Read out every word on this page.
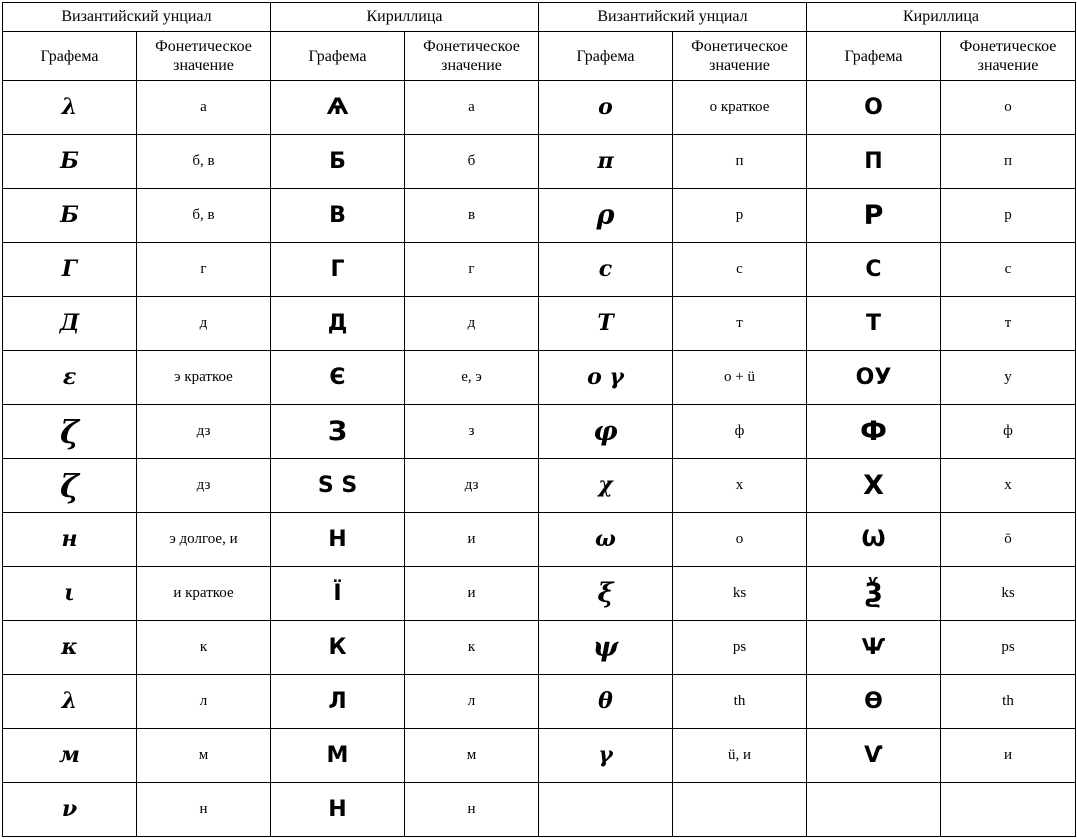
Византийский унциал		Кириллица		Византийский унциал		Кириллица	
Графема	Фонетическое значение	Графема	Фонетическое значение	Графема	Фонетическое значение	Графема	Фонетическое значение
λ	а	Ѧ	а	ο	о краткое	О	о
Б	б, в	Б	б	π	п	П	п
Б	б, в	В	в	ρ	р	Р	р
Г	г	Г	г	ϲ	с	С	с
Д	д	Д	д	Т	т	Т	т
ε	э краткое	Є	е, э	ο γ	о + ü	ОУ	у
ζ	дз	З	з	φ	ф	Ф	ф
ζ	дз	Ѕ Ѕ	дз	χ	х	Х	х
н	э долгое, и	Н	и	ω	о	Ѡ	ō
ι	и краткое	Ї	и	ξ	ks	Ѯ	ks
κ	к	К	к	ψ	ps	Ѱ	ps
λ	л	Л	л	θ	th	Ѳ	th
м	м	М	м	γ	ü, и	Ѵ	и
ν	н	Н	н				
